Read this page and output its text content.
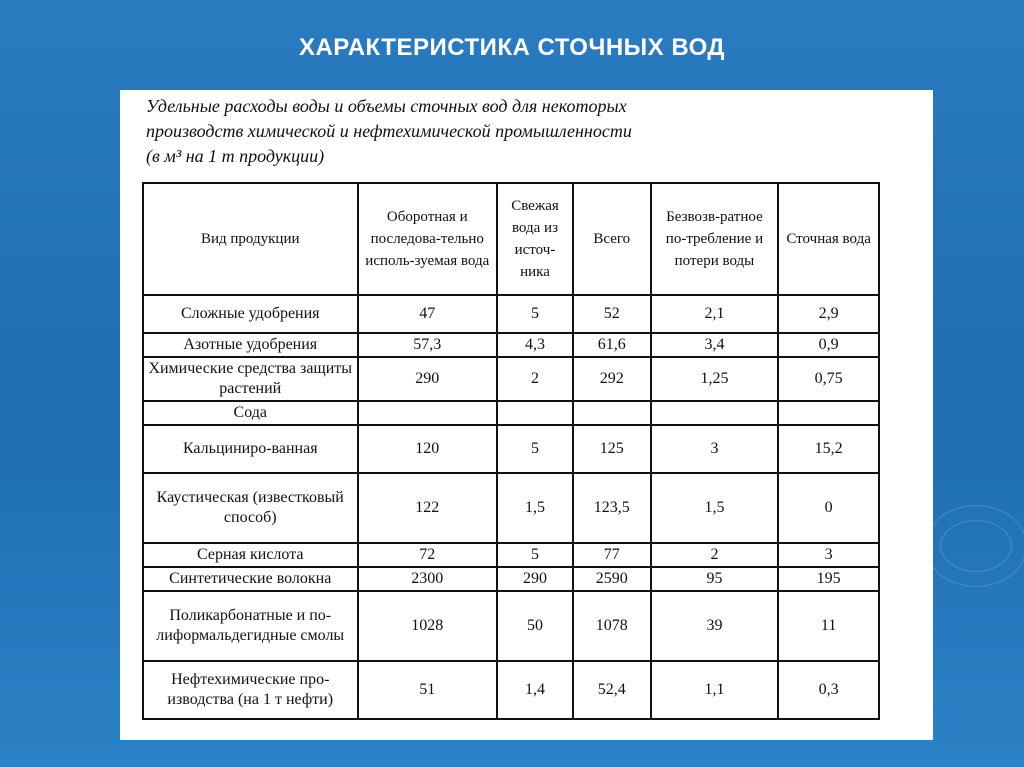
ХАРАКТЕРИСТИКА СТОЧНЫХ ВОД
Удельные расходы воды и объемы сточных вод для некоторых
производств химической и нефтехимической промышленности
(в м³ на 1 т продукции)
Вид продукции	Оборотная и последова-тельно исполь-зуемая вода	Свежая вода из источ-ника	Всего	Безвозв-ратное по-требление и потери воды	Сточная вода
Сложные удобрения	47	5	52	2,1	2,9
Азотные удобрения	57,3	4,3	61,6	3,4	0,9
Химические средства защиты растений	290	2	292	1,25	0,75
Сода					
Кальциниро-ванная	120	5	125	3	15,2
Каустическая (известковый способ)	122	1,5	123,5	1,5	0
Серная кислота	72	5	77	2	3
Синтетические волокна	2300	290	2590	95	195
Поликарбонатные и по-лиформальдегидные смолы	1028	50	1078	39	11
Нефтехимические про-изводства (на 1 т нефти)	51	1,4	52,4	1,1	0,3
